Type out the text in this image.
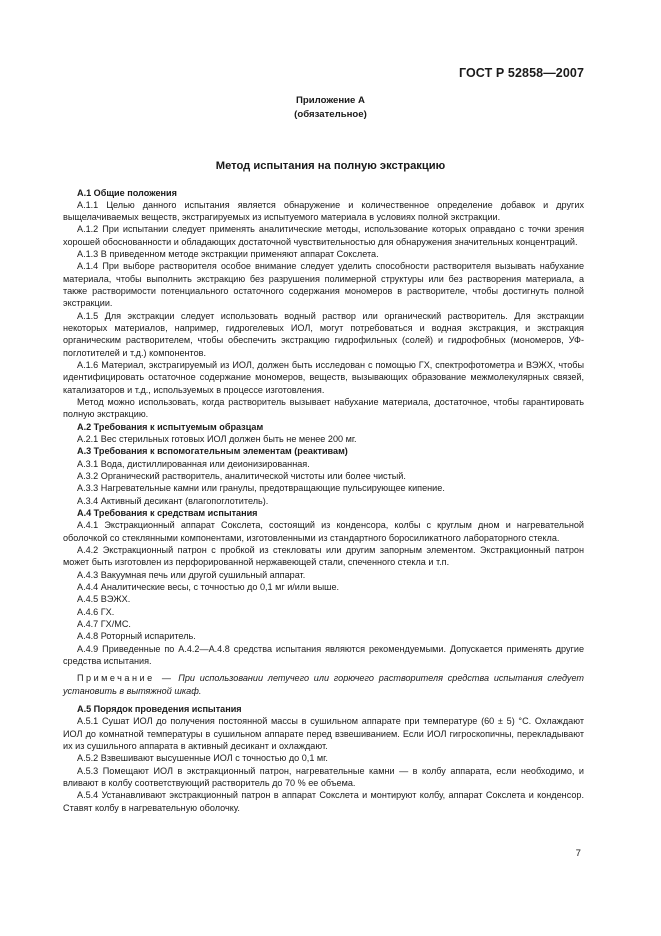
ГОСТ Р 52858—2007
Приложение А
(обязательное)
Метод испытания на полную экстракцию

А.1 Общие положения

А.1.1 Целью данного испытания является обнаружение и количественное определение добавок и других выщелачиваемых веществ, экстрагируемых из испытуемого материала в условиях полной экстракции.

А.1.2 При испытании следует применять аналитические методы, использование которых оправдано с точки зрения хорошей обоснованности и обладающих достаточной чувствительностью для обнаружения значительных концентраций.

А.1.3 В приведенном методе экстракции применяют аппарат Сокслета.

А.1.4 При выборе растворителя особое внимание следует уделить способности растворителя вызывать набухание материала, чтобы выполнить экстракцию без разрушения полимерной структуры или без растворения материала, а также растворимости потенциального остаточного содержания мономеров в растворителе, чтобы достигнуть полной экстракции.

А.1.5 Для экстракции следует использовать водный раствор или органический растворитель. Для экстракции некоторых материалов, например, гидрогелевых ИОЛ, могут потребоваться и водная экстракция, и экстракция органическим растворителем, чтобы обеспечить экстракцию гидрофильных (солей) и гидрофобных (мономеров, УФ- поглотителей и т.д.) компонентов.

А.1.6 Материал, экстрагируемый из ИОЛ, должен быть исследован с помощью ГХ, спектрофотометра и ВЭЖХ, чтобы идентифицировать остаточное содержание мономеров, веществ, вызывающих образование межмолекулярных связей, катализаторов и т.д., используемых в процессе изготовления.

Метод можно использовать, когда растворитель вызывает набухание материала, достаточное, чтобы гарантировать полную экстракцию.

А.2 Требования к испытуемым образцам

А.2.1 Вес стерильных готовых ИОЛ должен быть не менее 200 мг.

А.3 Требования к вспомогательным элементам (реактивам)

А.3.1 Вода, дистиллированная или деионизированная.

А.3.2 Органический растворитель, аналитической чистоты или более чистый.

А.3.3 Нагревательные камни или гранулы, предотвращающие пульсирующее кипение.

А.3.4 Активный десикант (влагопоглотитель).

А.4 Требования к средствам испытания

А.4.1 Экстракционный аппарат Сокслета, состоящий из конденсора, колбы с круглым дном и нагревательной оболочкой со стеклянными компонентами, изготовленными из стандартного боросиликатного лабораторного стекла.

А.4.2 Экстракционный патрон с пробкой из стекловаты или другим запорным элементом. Экстракционный патрон может быть изготовлен из перфорированной нержавеющей стали, спеченного стекла и т.п.

А.4.3 Вакуумная печь или другой сушильный аппарат.

А.4.4 Аналитические весы, с точностью до 0,1 мг и/или выше.

А.4.5 ВЭЖХ.

А.4.6 ГХ.

А.4.7 ГХ/МС.

А.4.8 Роторный испаритель.

А.4.9 Приведенные по А.4.2—А.4.8 средства испытания являются рекомендуемыми. Допускается применять другие средства испытания.

Примечание — При использовании летучего или горючего растворителя средства испытания следует установить в вытяжной шкаф.

А.5 Порядок проведения испытания

А.5.1 Сушат ИОЛ до получения постоянной массы в сушильном аппарате при температуре (60 ± 5) °С. Охлаждают ИОЛ до комнатной температуры в сушильном аппарате перед взвешиванием. Если ИОЛ гигроскопичны, перекладывают их из сушильного аппарата в активный десикант и охлаждают.

А.5.2 Взвешивают высушенные ИОЛ с точностью до 0,1 мг.

А.5.3 Помещают ИОЛ в экстракционный патрон, нагревательные камни — в колбу аппарата, если необходимо, и вливают в колбу соответствующий растворитель до 70 % ее объема.

А.5.4 Устанавливают экстракционный патрон в аппарат Сокслета и монтируют колбу, аппарат Сокслета и конденсор. Ставят колбу в нагревательную оболочку.

7
